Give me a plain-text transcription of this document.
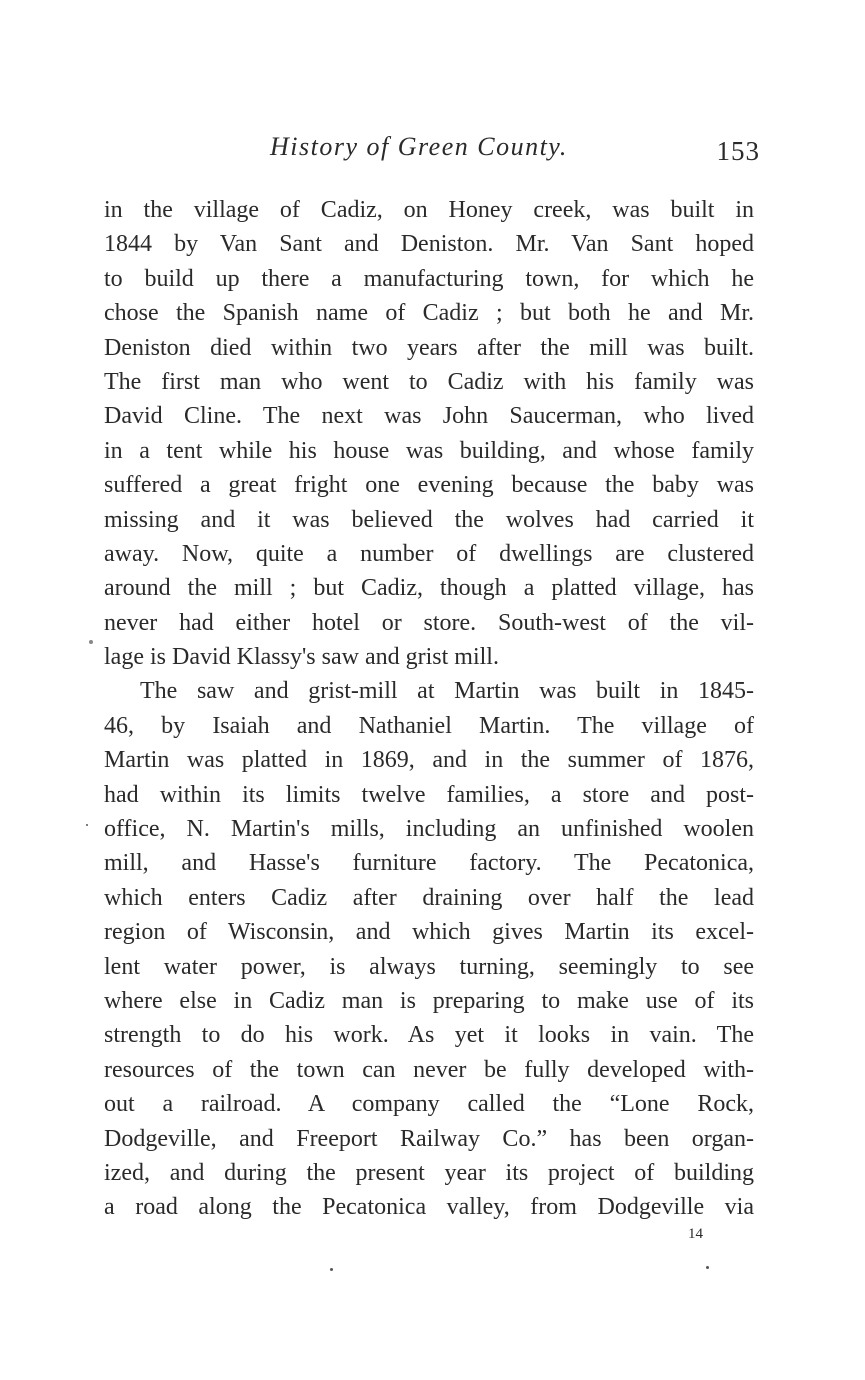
History of Green County.	153
in the village of Cadiz, on Honey creek, was built in
1844 by Van Sant and Deniston. Mr. Van Sant hoped
to build up there a manufacturing town, for which he
chose the Spanish name of Cadiz ; but both he and Mr.
Deniston died within two years after the mill was built.
The first man who went to Cadiz with his family was
David Cline. The next was John Saucerman, who lived
in a tent while his house was building, and whose family
suffered a great fright one evening because the baby was
missing and it was believed the wolves had carried it
away. Now, quite a number of dwellings are clustered
around the mill ; but Cadiz, though a platted village, has
never had either hotel or store. South-west of the vil-
lage is David Klassy's saw and grist mill.
The saw and grist-mill at Martin was built in 1845-
46, by Isaiah and Nathaniel Martin. The village of
Martin was platted in 1869, and in the summer of 1876,
had within its limits twelve families, a store and post-
office, N. Martin's mills, including an unfinished woolen
mill, and Hasse's furniture factory. The Pecatonica,
which enters Cadiz after draining over half the lead
region of Wisconsin, and which gives Martin its excel-
lent water power, is always turning, seemingly to see
where else in Cadiz man is preparing to make use of its
strength to do his work. As yet it looks in vain. The
resources of the town can never be fully developed with-
out a railroad. A company called the “Lone Rock,
Dodgeville, and Freeport Railway Co.” has been organ-
ized, and during the present year its project of building
a road along the Pecatonica valley, from Dodgeville via
14
